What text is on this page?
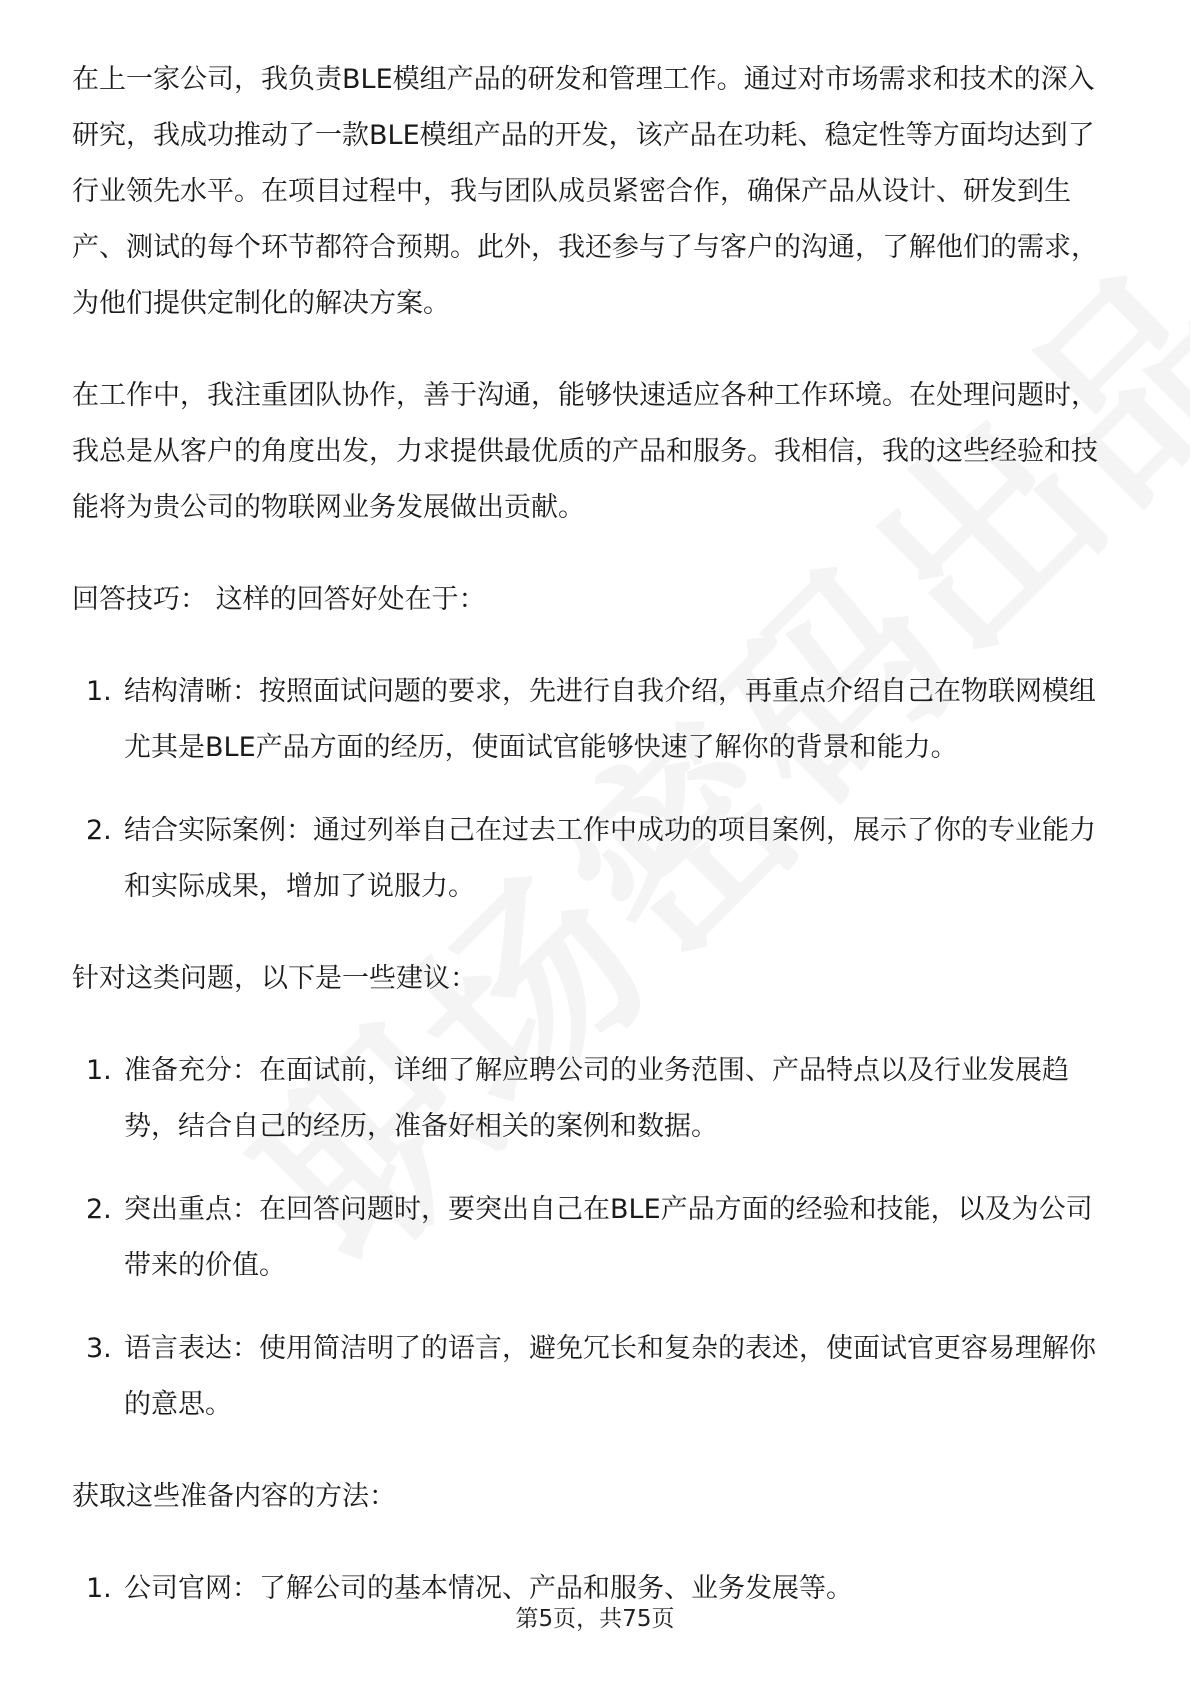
在上一家公司，我负责BLE模组产品的研发和管理工作。通过对市场需求和技术的深入研究，我成功推动了一款BLE模组产品的开发，该产品在功耗、稳定性等方面均达到了行业领先水平。在项目过程中，我与团队成员紧密合作，确保产品从设计、研发到生产、测试的每个环节都符合预期。此外，我还参与了与客户的沟通，了解他们的需求，为他们提供定制化的解决方案。

在工作中，我注重团队协作，善于沟通，能够快速适应各种工作环境。在处理问题时，我总是从客户的角度出发，力求提供最优质的产品和服务。我相信，我的这些经验和技能将为贵公司的物联网业务发展做出贡献。

回答技巧： 这样的回答好处在于：

1. 结构清晰：按照面试问题的要求，先进行自我介绍，再重点介绍自己在物联网模组尤其是BLE产品方面的经历，使面试官能够快速了解你的背景和能力。
2. 结合实际案例：通过列举自己在过去工作中成功的项目案例，展示了你的专业能力和实际成果，增加了说服力。

针对这类问题，以下是一些建议：

1. 准备充分：在面试前，详细了解应聘公司的业务范围、产品特点以及行业发展趋势，结合自己的经历，准备好相关的案例和数据。
2. 突出重点：在回答问题时，要突出自己在BLE产品方面的经验和技能，以及为公司带来的价值。
3. 语言表达：使用简洁明了的语言，避免冗长和复杂的表述，使面试官更容易理解你的意思。

获取这些准备内容的方法：

1. 公司官网：了解公司的基本情况、产品和服务、业务发展等。
第5页，共75页
